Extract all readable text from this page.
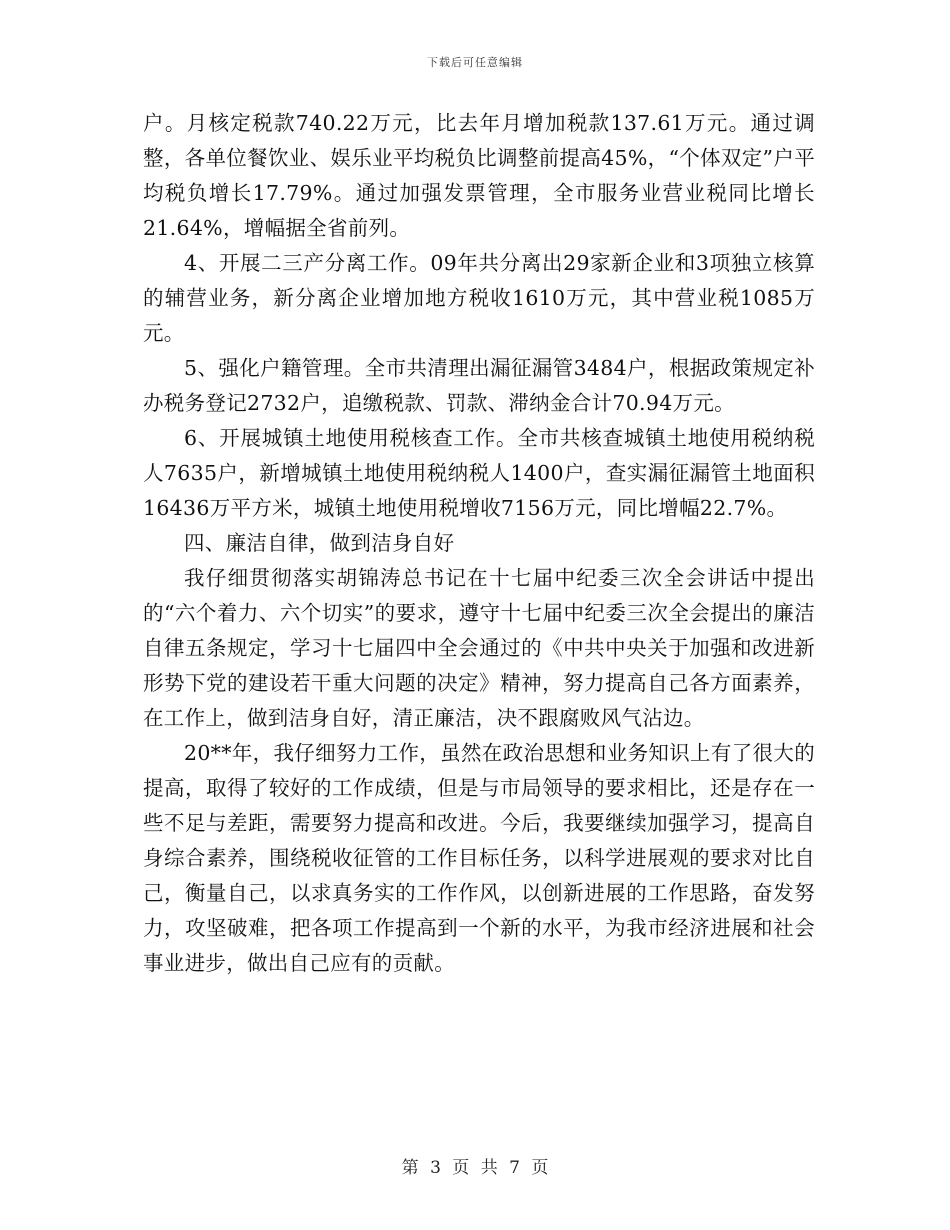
下载后可任意编辑

户。月核定税款740.22万元，比去年月增加税款137.61万元。通过调整，各单位餐饮业、娱乐业平均税负比调整前提高45%，“个体双定”户平均税负增长17.79%。通过加强发票管理，全市服务业营业税同比增长21.64%，增幅据全省前列。

4、开展二三产分离工作。09年共分离出29家新企业和3项独立核算的辅营业务，新分离企业增加地方税收1610万元，其中营业税1085万元。

5、强化户籍管理。全市共清理出漏征漏管3484户，根据政策规定补办税务登记2732户，追缴税款、罚款、滞纳金合计70.94万元。

6、开展城镇土地使用税核查工作。全市共核查城镇土地使用税纳税人7635户，新增城镇土地使用税纳税人1400户，查实漏征漏管土地面积16436万平方米，城镇土地使用税增收7156万元，同比增幅22.7%。

四、廉洁自律，做到洁身自好

我仔细贯彻落实胡锦涛总书记在十七届中纪委三次全会讲话中提出的“六个着力、六个切实”的要求，遵守十七届中纪委三次全会提出的廉洁自律五条规定，学习十七届四中全会通过的《中共中央关于加强和改进新形势下党的建设若干重大问题的决定》精神，努力提高自己各方面素养，在工作上，做到洁身自好，清正廉洁，决不跟腐败风气沾边。

20**年，我仔细努力工作，虽然在政治思想和业务知识上有了很大的提高，取得了较好的工作成绩，但是与市局领导的要求相比，还是存在一些不足与差距，需要努力提高和改进。今后，我要继续加强学习，提高自身综合素养，围绕税收征管的工作目标任务，以科学进展观的要求对比自己，衡量自己，以求真务实的工作作风，以创新进展的工作思路，奋发努力，攻坚破难，把各项工作提高到一个新的水平，为我市经济进展和社会事业进步，做出自己应有的贡献。

第 3 页 共 7 页
